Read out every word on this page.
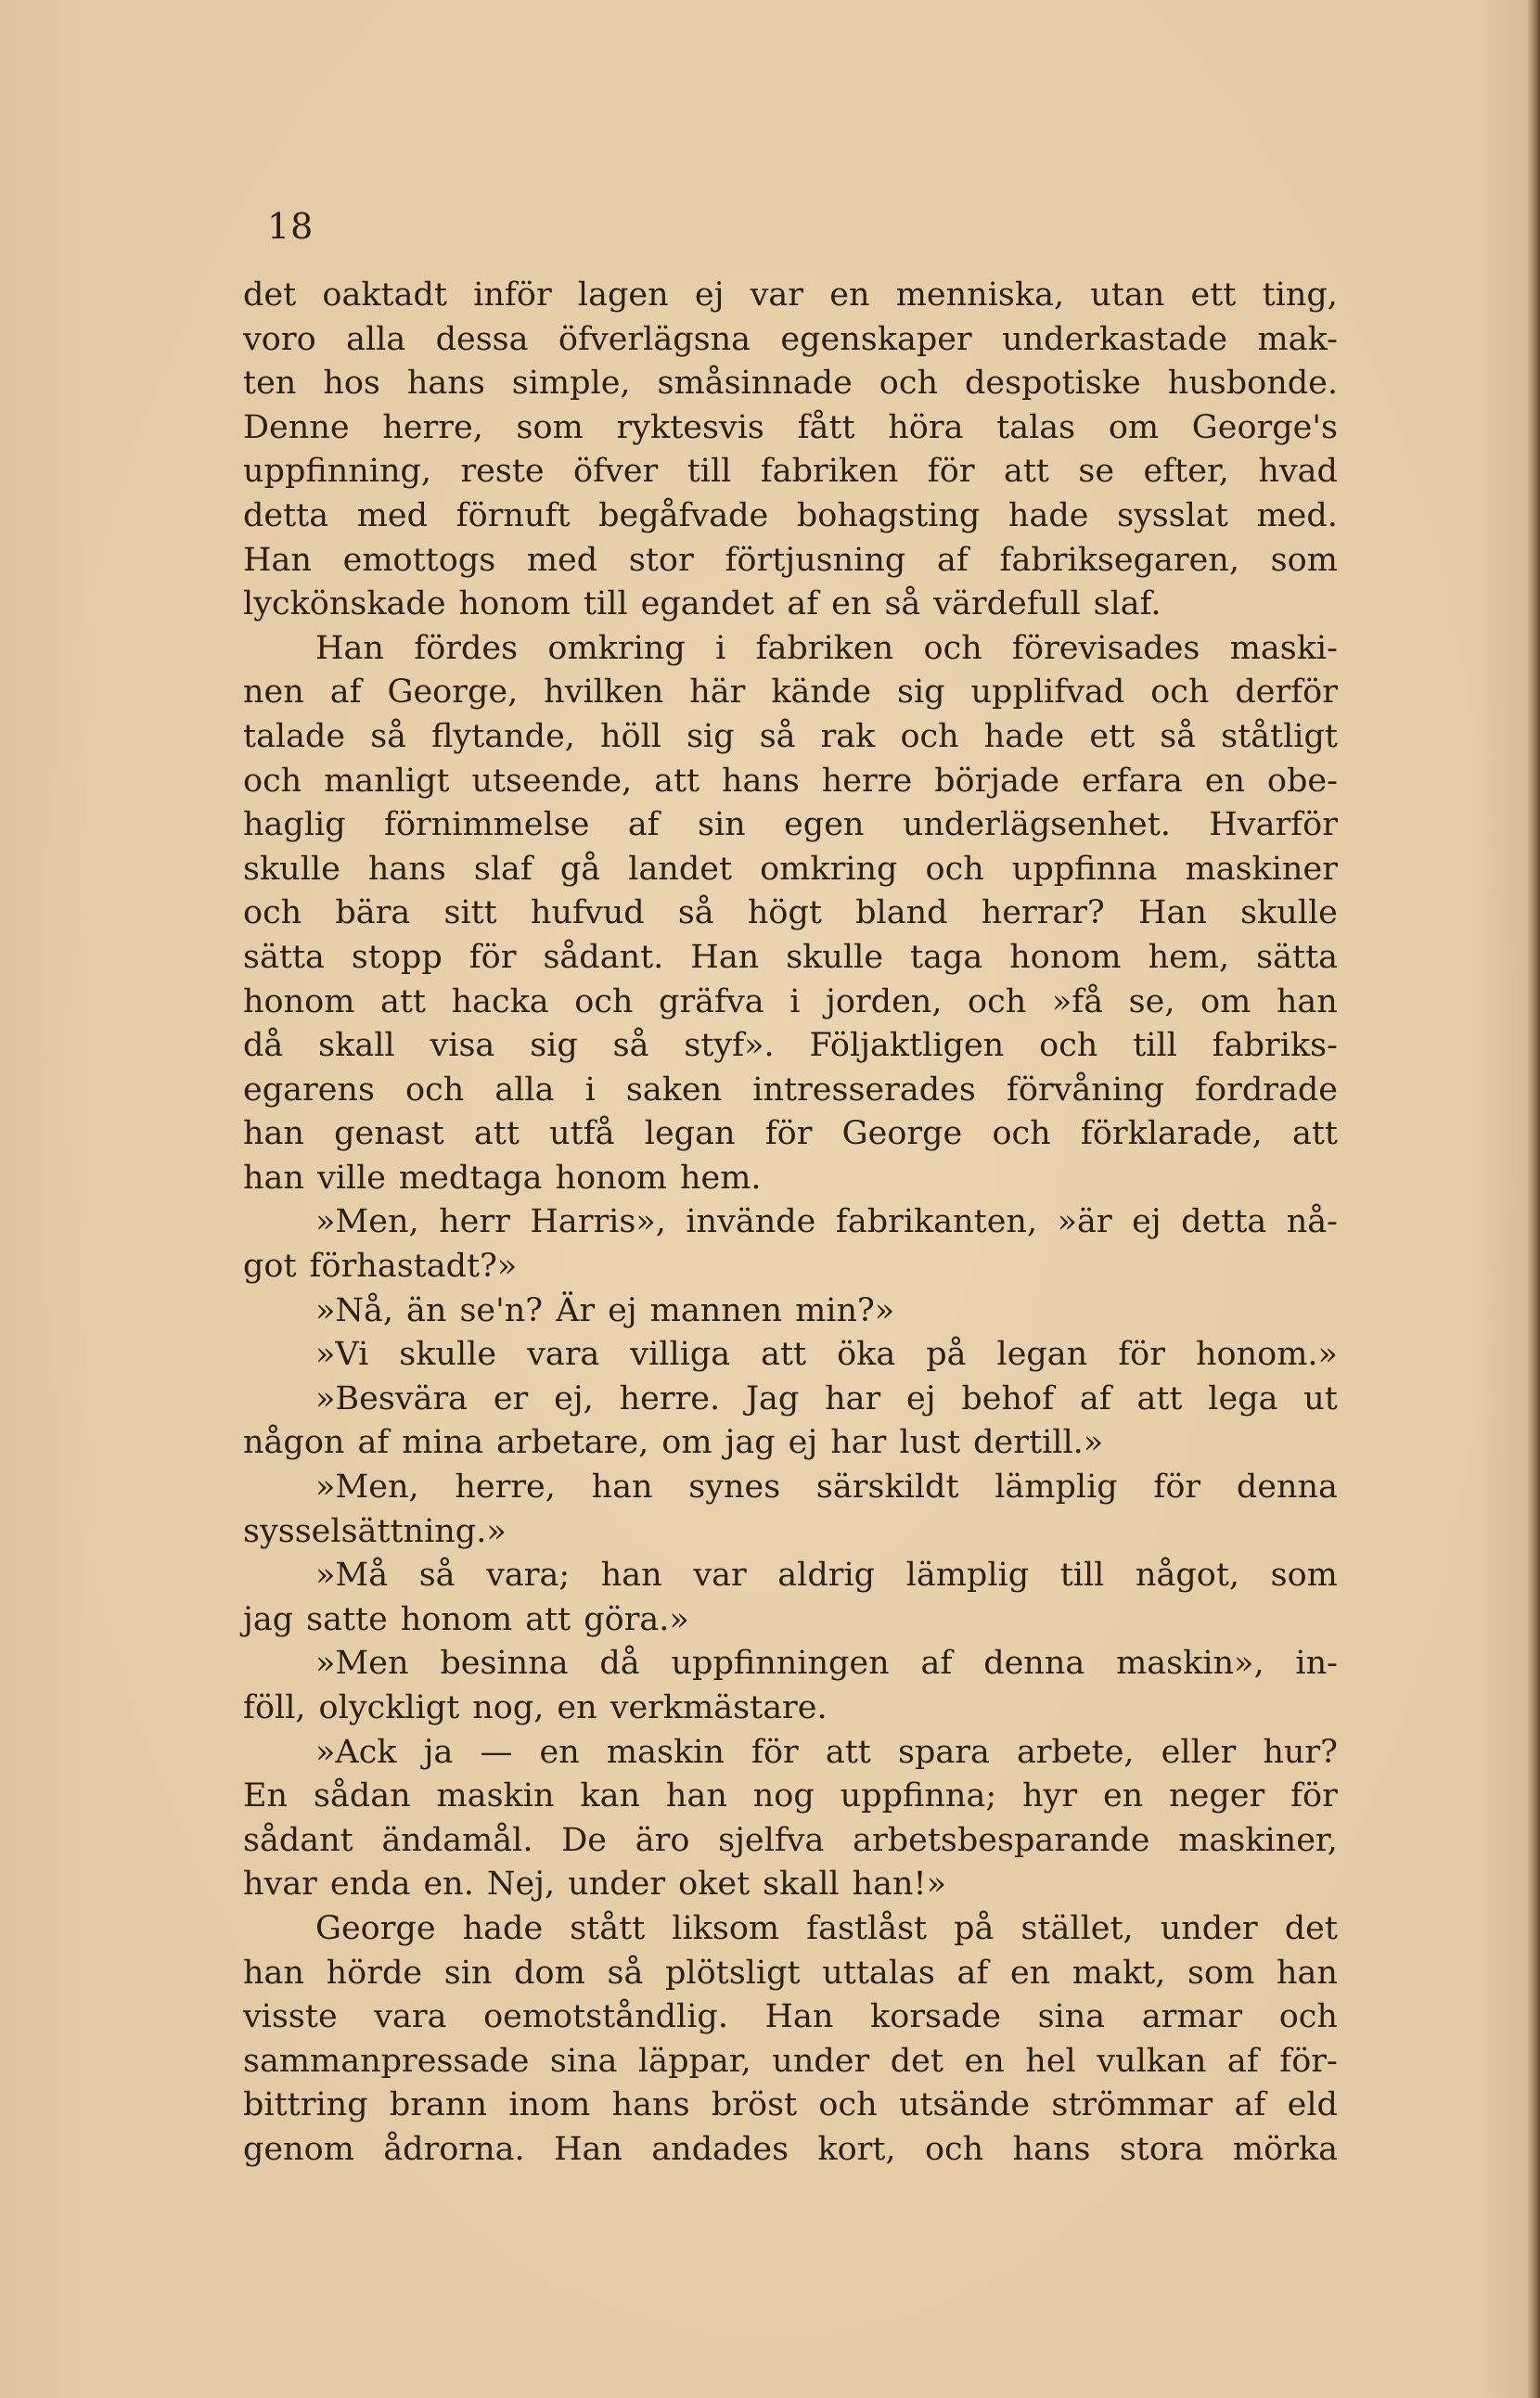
18
det oaktadt inför lagen ej var en menniska, utan ett ting,
voro alla dessa öfverlägsna egenskaper underkastade mak-
ten hos hans simple, småsinnade och despotiske husbonde.
Denne herre, som ryktesvis fått höra talas om George's
uppfinning, reste öfver till fabriken för att se efter, hvad
detta med förnuft begåfvade bohagsting hade sysslat med.
Han emottogs med stor förtjusning af fabriksegaren, som
lyckönskade honom till egandet af en så värdefull slaf.
Han fördes omkring i fabriken och förevisades maski-
nen af George, hvilken här kände sig upplifvad och derför
talade så flytande, höll sig så rak och hade ett så ståtligt
och manligt utseende, att hans herre började erfara en obe-
haglig förnimmelse af sin egen underlägsenhet. Hvarför
skulle hans slaf gå landet omkring och uppfinna maskiner
och bära sitt hufvud så högt bland herrar? Han skulle
sätta stopp för sådant. Han skulle taga honom hem, sätta
honom att hacka och gräfva i jorden, och »få se, om han
då skall visa sig så styf». Följaktligen och till fabriks-
egarens och alla i saken intresserades förvåning fordrade
han genast att utfå legan för George och förklarade, att
han ville medtaga honom hem.
»Men, herr Harris», invände fabrikanten, »är ej detta nå-
got förhastadt?»
»Nå, än se'n? Är ej mannen min?»
»Vi skulle vara villiga att öka på legan för honom.»
»Besvära er ej, herre. Jag har ej behof af att lega ut
någon af mina arbetare, om jag ej har lust dertill.»
»Men, herre, han synes särskildt lämplig för denna
sysselsättning.»
»Må så vara; han var aldrig lämplig till något, som
jag satte honom att göra.»
»Men besinna då uppfinningen af denna maskin», in-
föll, olyckligt nog, en verkmästare.
»Ack ja — en maskin för att spara arbete, eller hur?
En sådan maskin kan han nog uppfinna; hyr en neger för
sådant ändamål. De äro sjelfva arbetsbesparande maskiner,
hvar enda en. Nej, under oket skall han!»
George hade stått liksom fastlåst på stället, under det
han hörde sin dom så plötsligt uttalas af en makt, som han
visste vara oemotståndlig. Han korsade sina armar och
sammanpressade sina läppar, under det en hel vulkan af för-
bittring brann inom hans bröst och utsände strömmar af eld
genom ådrorna. Han andades kort, och hans stora mörka
